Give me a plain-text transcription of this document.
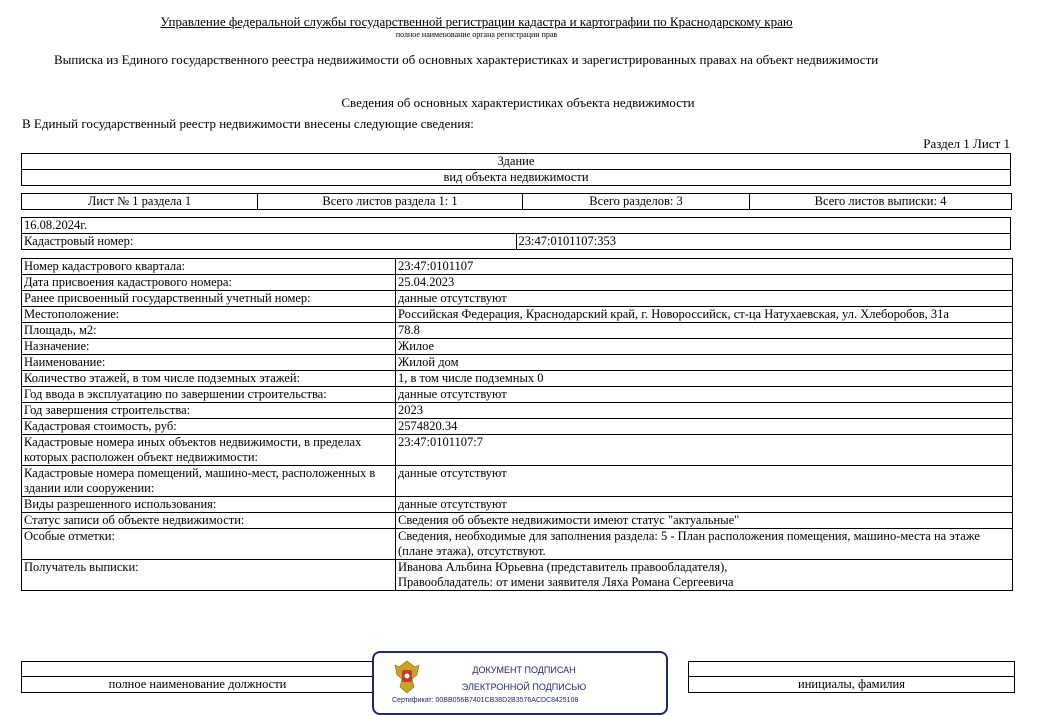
Управление федеральной службы государственной регистрации кадастра и картографии по Краснодарскому краю
полное наименование органа регистрации прав
Выписка из Единого государственного реестра недвижимости об основных характеристиках и зарегистрированных правах на объект недвижимости
Сведения об основных характеристиках объекта недвижимости
В Единый государственный реестр недвижимости внесены следующие сведения:
Раздел 1 Лист 1
Здание
вид объекта недвижимости
Лист № 1 раздела 1	Всего листов раздела 1: 1	Всего разделов: 3	Всего листов выписки: 4
16.08.2024г.
Кадастровый номер:	23:47:0101107:353
Номер кадастрового квартала:	23:47:0101107
Дата присвоения кадастрового номера:	25.04.2023
Ранее присвоенный государственный учетный номер:	данные отсутствуют
Местоположение:	Российская Федерация, Краснодарский край, г. Новороссийск, ст-ца Натухаевская, ул. Хлеборобов, 31а
Площадь, м2:	78.8
Назначение:	Жилое
Наименование:	Жилой дом
Количество этажей, в том числе подземных этажей:	1, в том числе подземных 0
Год ввода в эксплуатацию по завершении строительства:	данные отсутствуют
Год завершения строительства:	2023
Кадастровая стоимость, руб:	2574820.34
Кадастровые номера иных объектов недвижимости, в пределах которых расположен объект недвижимости:	23:47:0101107:7
Кадастровые номера помещений, машино-мест, расположенных в здании или сооружении:	данные отсутствуют
Виды разрешенного использования:	данные отсутствуют
Статус записи об объекте недвижимости:	Сведения об объекте недвижимости имеют статус "актуальные"
Особые отметки:	Сведения, необходимые для заполнения раздела: 5 - План расположения помещения, машино-места на этаже (плане этажа), отсутствуют.
Получатель выписки:	Иванова Альбина Юрьевна (представитель правообладателя),
Правообладатель: от имени заявителя Ляха Романа Сергеевича

полное наименование должности		инициалы, фамилия
ДОКУМЕНТ ПОДПИСАН
ЭЛЕКТРОННОЙ ПОДПИСЬЮ
Сертификат: 00BB056B7401CB38D2B3576ACDC8425108
